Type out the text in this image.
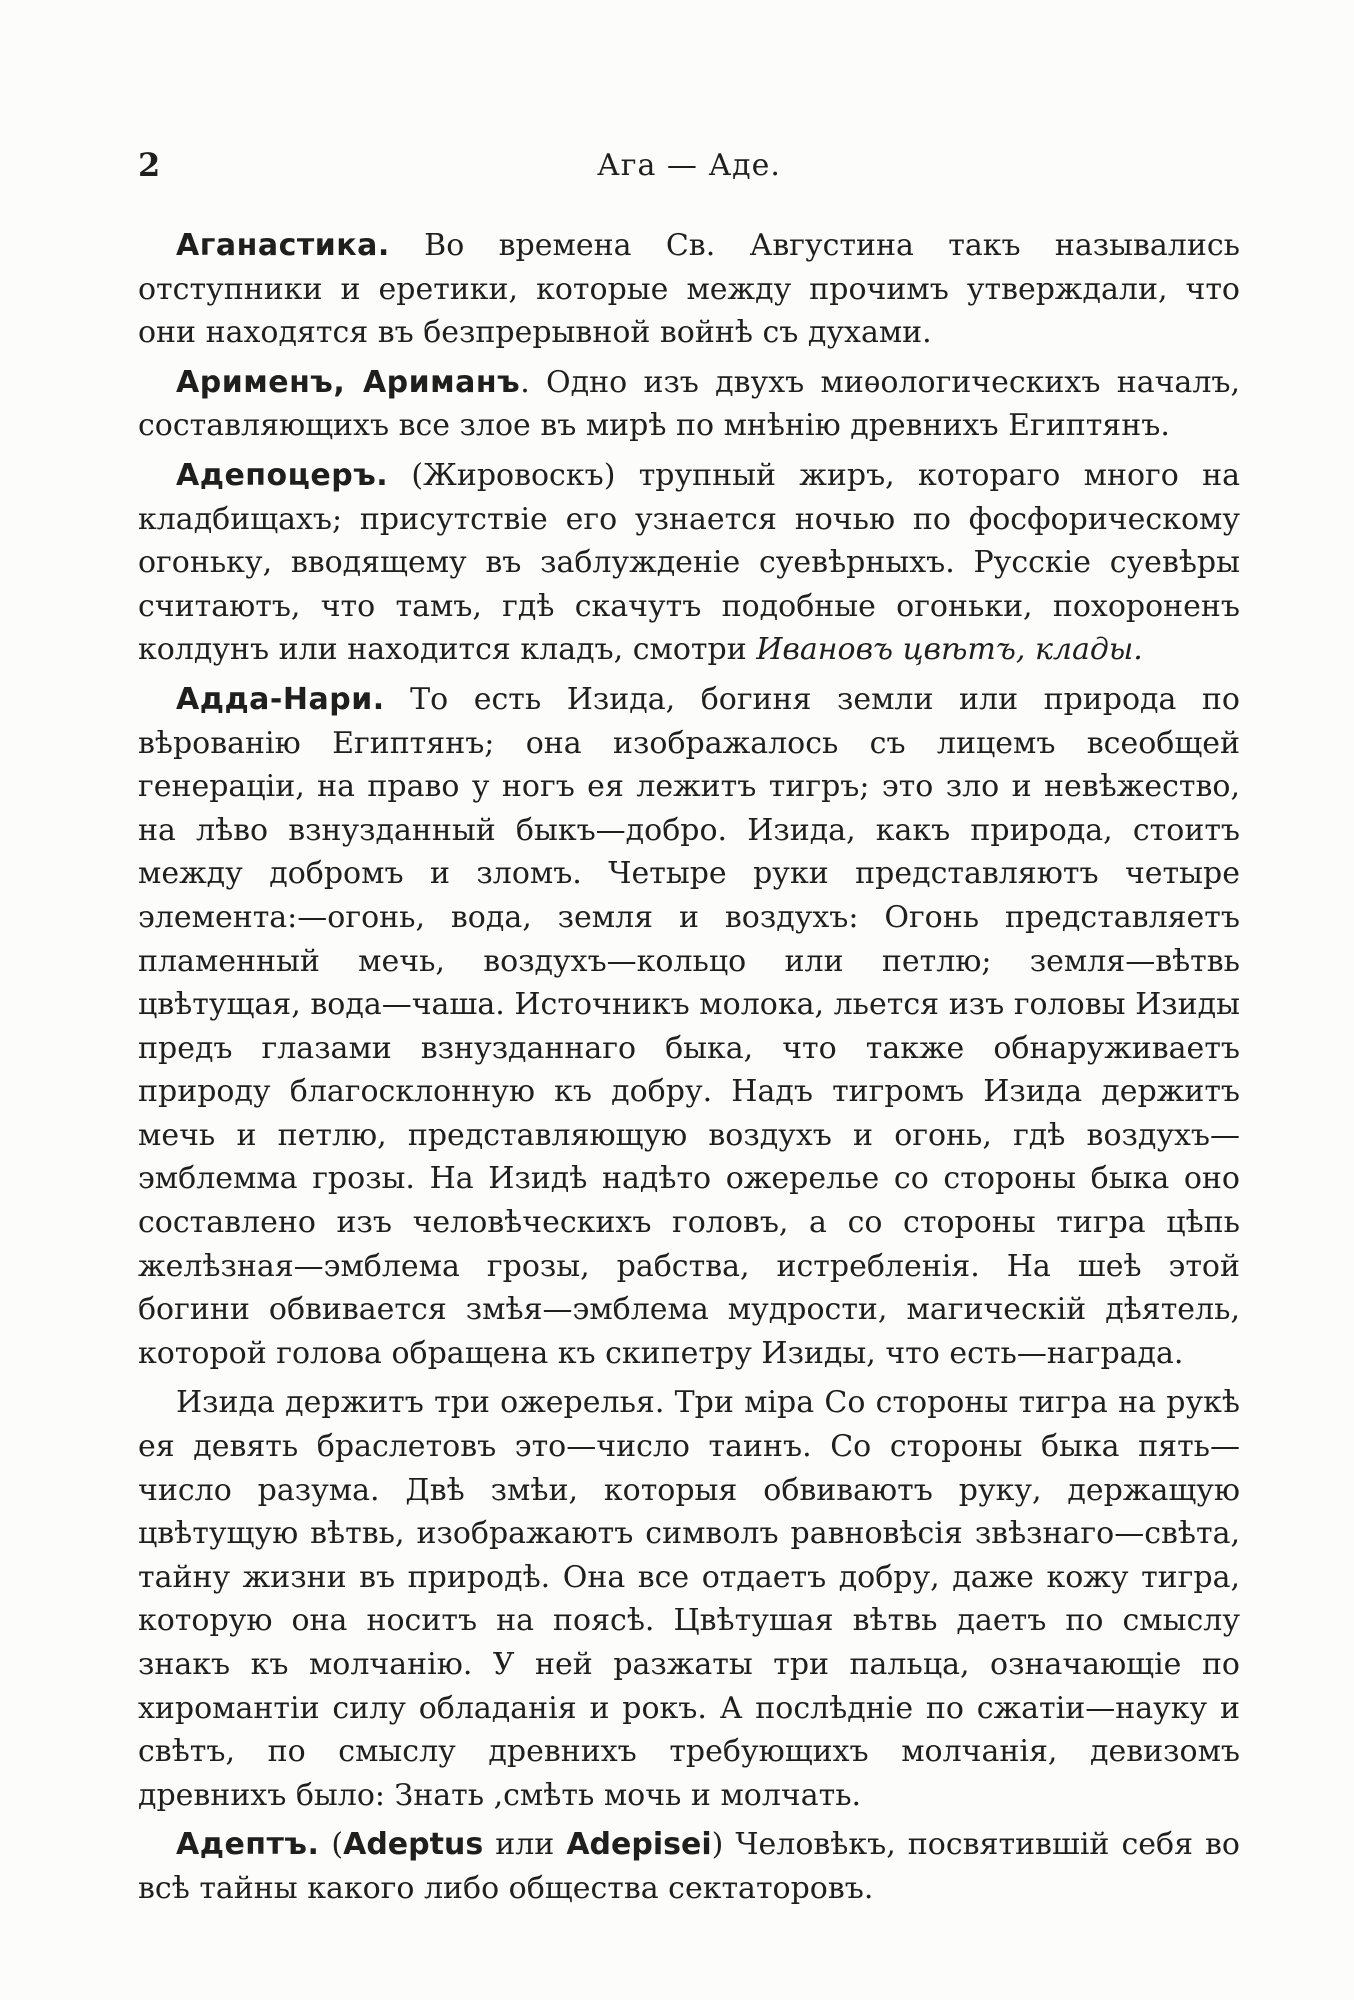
2	Ага — Аде.

Аганастика. Во времена Св. Августина такъ назывались отступники и еретики, которые между прочимъ утверждали, что они находятся въ безпрерывной войнѣ съ духами.

Арименъ, Ариманъ. Одно изъ двухъ миѳологическихъ началъ, составляющихъ все злое въ мирѣ по мнѣнію древнихъ Египтянъ.

Адепоцеръ. (Жировоскъ) трупный жиръ, котораго много на кладбищахъ; присутствіе его узнается ночью по фосфорическому огоньку, вводящему въ заблужденіе суевѣрныхъ. Русскіе суевѣры считаютъ, что тамъ, гдѣ скачутъ подобные огоньки, похороненъ колдунъ или находится кладъ, смотри Ивановъ цвѣтъ, клады.

Адда-Нари. То есть Изида, богиня земли или природа по вѣрованію Египтянъ; она изображалось съ лицемъ всеобщей генераціи, на право у ногъ ея лежитъ тигръ; это зло и невѣжество, на лѣво взнузданный быкъ—добро. Изида, какъ природа, стоитъ между добромъ и зломъ. Четыре руки представляютъ четыре элемента:—огонь, вода, земля и воздухъ: Огонь представляетъ пламенный мечь, воздухъ—кольцо или петлю; земля—вѣтвь цвѣтущая, вода—чаша. Источникъ молока, льется изъ головы Изиды предъ глазами взнузданнаго быка, что также обнаруживаетъ природу благосклонную къ добру. Надъ тигромъ Изида держитъ мечь и петлю, представляющую воздухъ и огонь, гдѣ воздухъ—эмблемма грозы. На Изидѣ надѣто ожерелье со стороны быка оно составлено изъ человѣческихъ головъ, а со стороны тигра цѣпь желѣзная—эмблема грозы, рабства, истребленія. На шеѣ этой богини обвивается змѣя—эмблема мудрости, магическій дѣятель, которой голова обращена къ скипетру Изиды, что есть—награда.

Изида держитъ три ожерелья. Три міра Со стороны тигра на рукѣ ея девять браслетовъ это—число таинъ. Со стороны быка пять—число разума. Двѣ змѣи, которыя обвиваютъ руку, держащую цвѣтущую вѣтвь, изображаютъ символъ равновѣсія звѣзнаго—свѣта, тайну жизни въ природѣ. Она все отдаетъ добру, даже кожу тигра, которую она носитъ на поясѣ. Цвѣтушая вѣтвь даетъ по смыслу знакъ къ молчанію. У ней разжаты три пальца, означающіе по хиромантіи силу обладанія и рокъ. А послѣдніе по сжатіи—науку и свѣтъ, по смыслу древнихъ требующихъ молчанія, девизомъ древнихъ было: Знать ,смѣть мочь и молчать.

Адептъ. (Adeptus или Adepisei) Человѣкъ, посвятившій себя во всѣ тайны какого либо общества сектаторовъ.
